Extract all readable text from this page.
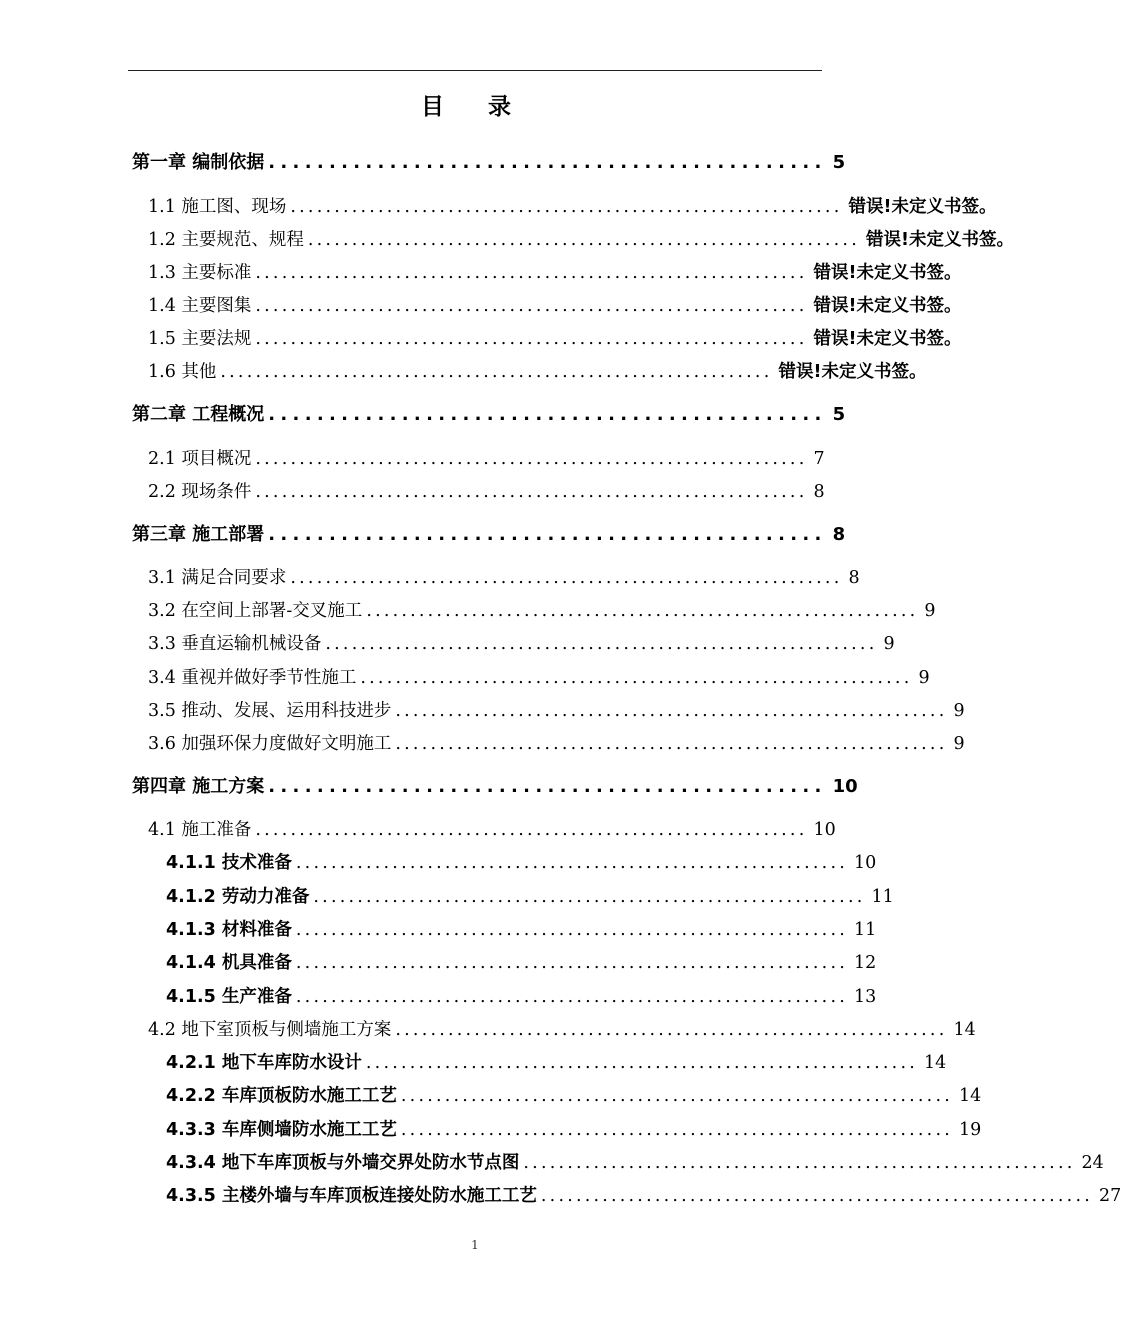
目 录
第一章 编制依据 .............................................. 5
1.1 施工图、现场 ............................................................... 错误!未定义书签。
1.2 主要规范、规程 ............................................................... 错误!未定义书签。
1.3 主要标准 ............................................................... 错误!未定义书签。
1.4 主要图集 ............................................................... 错误!未定义书签。
1.5 主要法规 ............................................................... 错误!未定义书签。
1.6 其他 ............................................................... 错误!未定义书签。
第二章 工程概况 .............................................. 5
2.1 项目概况 ............................................................... 7
2.2 现场条件 ............................................................... 8
第三章 施工部署 .............................................. 8
3.1 满足合同要求 ............................................................... 8
3.2 在空间上部署-交叉施工 ............................................................... 9
3.3 垂直运输机械设备 ............................................................... 9
3.4 重视并做好季节性施工 ............................................................... 9
3.5 推动、发展、运用科技进步 ............................................................... 9
3.6 加强环保力度做好文明施工 ............................................................... 9
第四章 施工方案 .............................................. 10
4.1 施工准备 ............................................................... 10
4.1.1 技术准备 ............................................................... 10
4.1.2 劳动力准备 ............................................................... 11
4.1.3 材料准备 ............................................................... 11
4.1.4 机具准备 ............................................................... 12
4.1.5 生产准备 ............................................................... 13
4.2 地下室顶板与侧墙施工方案 ............................................................... 14
4.2.1 地下车库防水设计 ............................................................... 14
4.2.2 车库顶板防水施工工艺 ............................................................... 14
4.3.3 车库侧墙防水施工工艺 ............................................................... 19
4.3.4 地下车库顶板与外墙交界处防水节点图 ............................................................... 24
4.3.5 主楼外墙与车库顶板连接处防水施工工艺 ............................................................... 27
1
